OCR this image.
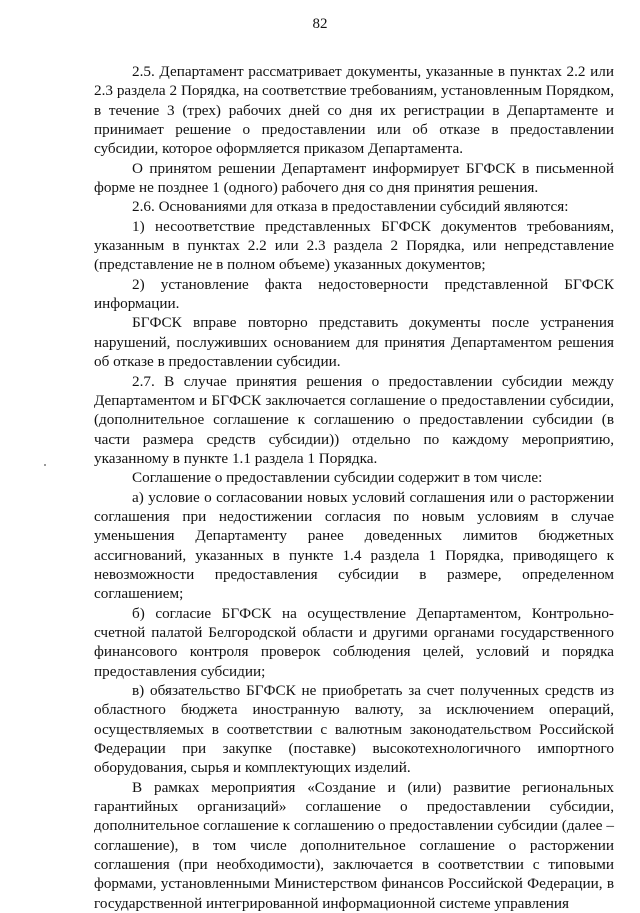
82

2.5. Департамент рассматривает документы, указанные в пунктах 2.2 или 2.3 раздела 2 Порядка, на соответствие требованиям, установленным Порядком, в течение 3 (трех) рабочих дней со дня их регистрации в Департаменте и принимает решение о предоставлении или об отказе в предоставлении субсидии, которое оформляется приказом Департамента.

О принятом решении Департамент информирует БГФСК в письменной форме не позднее 1 (одного) рабочего дня со дня принятия решения.

2.6. Основаниями для отказа в предоставлении субсидий являются:

1) несоответствие представленных БГФСК документов требованиям, указанным в пунктах 2.2 или 2.3 раздела 2 Порядка, или непредставление (представление не в полном объеме) указанных документов;

2) установление факта недостоверности представленной БГФСК информации.

БГФСК вправе повторно представить документы после устранения нарушений, послуживших основанием для принятия Департаментом решения об отказе в предоставлении субсидии.

2.7. В случае принятия решения о предоставлении субсидии между Департаментом и БГФСК заключается соглашение о предоставлении субсидии, (дополнительное соглашение к соглашению о предоставлении субсидии (в части размера средств субсидии)) отдельно по каждому мероприятию, указанному в пункте 1.1 раздела 1 Порядка.

Соглашение о предоставлении субсидии содержит в том числе:

а) условие о согласовании новых условий соглашения или о расторжении соглашения при недостижении согласия по новым условиям в случае уменьшения Департаменту ранее доведенных лимитов бюджетных ассигнований, указанных в пункте 1.4 раздела 1 Порядка, приводящего к невозможности предоставления субсидии в размере, определенном соглашением;

б) согласие БГФСК на осуществление Департаментом, Контрольно-счетной палатой Белгородской области и другими органами государственного финансового контроля проверок соблюдения целей, условий и порядка предоставления субсидии;

в) обязательство БГФСК не приобретать за счет полученных средств из областного бюджета иностранную валюту, за исключением операций, осуществляемых в соответствии с валютным законодательством Российской Федерации при закупке (поставке) высокотехнологичного импортного оборудования, сырья и комплектующих изделий.

В рамках мероприятия «Создание и (или) развитие региональных гарантийных организаций» соглашение о предоставлении субсидии, дополнительное соглашение к соглашению о предоставлении субсидии (далее – соглашение), в том числе дополнительное соглашение о расторжении соглашения (при необходимости), заключается в соответствии с типовыми формами, установленными Министерством финансов Российской Федерации, в государственной интегрированной информационной системе управления
